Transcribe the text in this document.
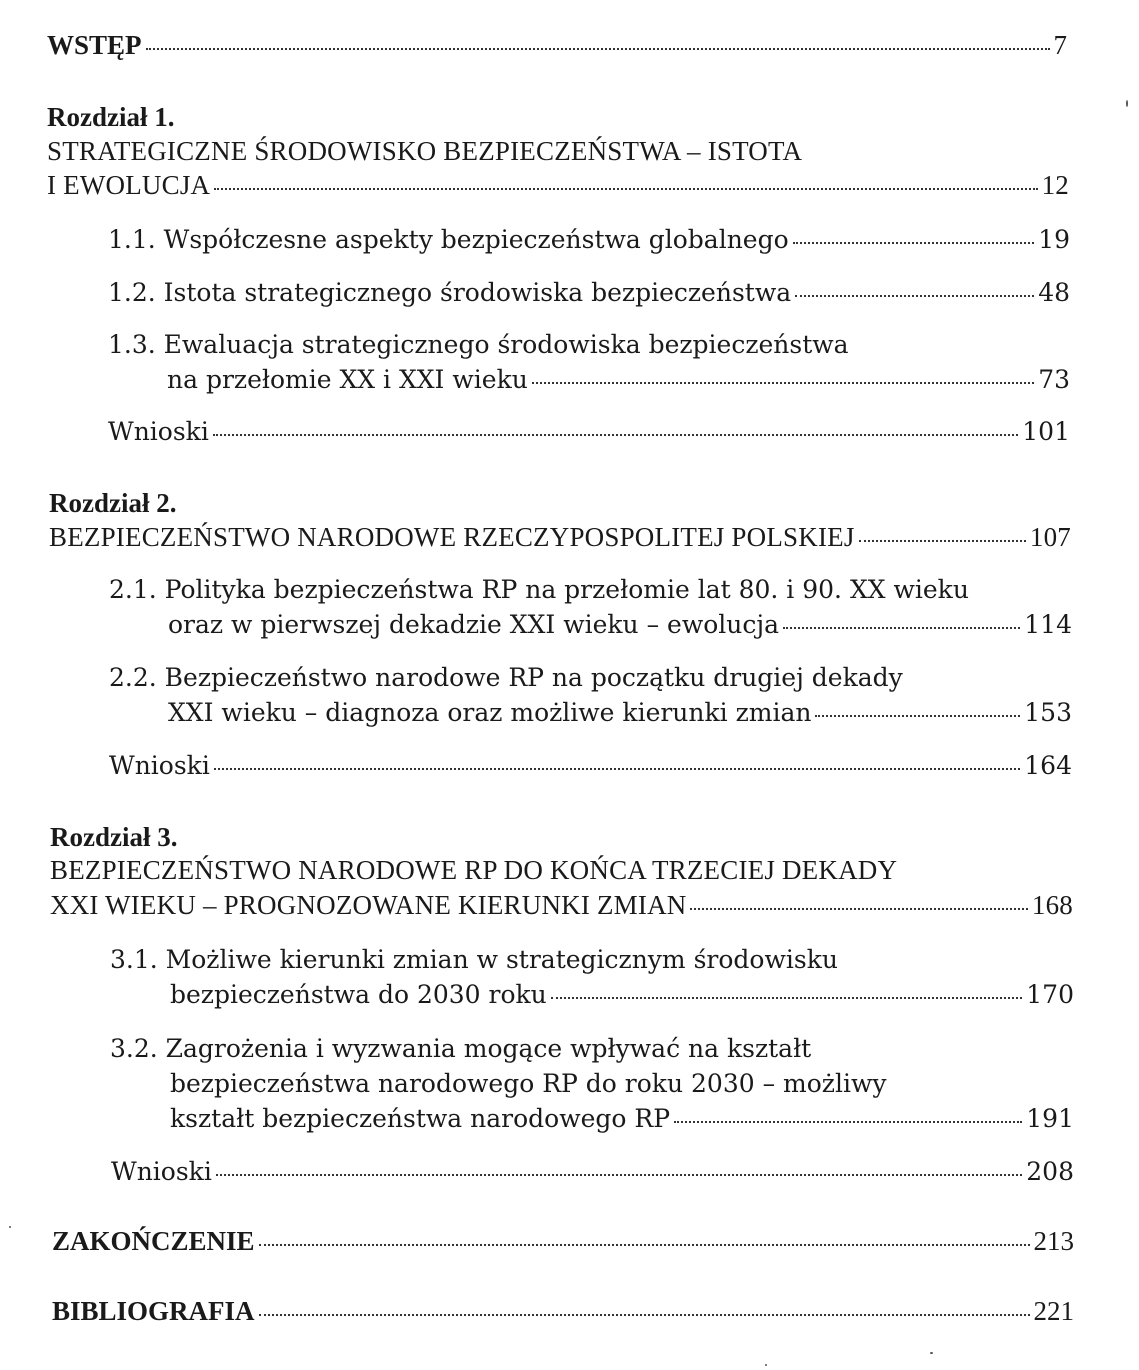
WSTĘP	7
Rozdział 1.
STRATEGICZNE ŚRODOWISKO BEZPIECZEŃSTWA – ISTOTA
I EWOLUCJA	12
1.1. Współczesne aspekty bezpieczeństwa globalnego	19
1.2. Istota strategicznego środowiska bezpieczeństwa	48
1.3. Ewaluacja strategicznego środowiska bezpieczeństwa
na przełomie XX i XXI wieku	73
Wnioski	101
Rozdział 2.
BEZPIECZEŃSTWO NARODOWE RZECZYPOSPOLITEJ POLSKIEJ	107
2.1. Polityka bezpieczeństwa RP na przełomie lat 80. i 90. XX wieku
oraz w pierwszej dekadzie XXI wieku – ewolucja	114
2.2. Bezpieczeństwo narodowe RP na początku drugiej dekady
XXI wieku – diagnoza oraz możliwe kierunki zmian	153
Wnioski	164
Rozdział 3.
BEZPIECZEŃSTWO NARODOWE RP DO KOŃCA TRZECIEJ DEKADY
XXI WIEKU – PROGNOZOWANE KIERUNKI ZMIAN	168
3.1. Możliwe kierunki zmian w strategicznym środowisku
bezpieczeństwa do 2030 roku	170
3.2. Zagrożenia i wyzwania mogące wpływać na kształt
bezpieczeństwa narodowego RP do roku 2030 – możliwy
kształt bezpieczeństwa narodowego RP	191
Wnioski	208
ZAKOŃCZENIE	213
BIBLIOGRAFIA	221
